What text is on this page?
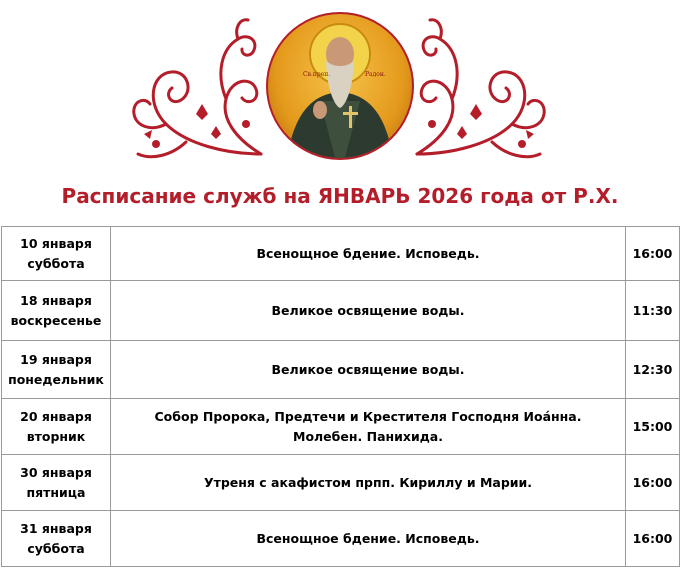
Св.преп.	Радон.
Расписание служб на ЯНВАРЬ 2026 года от Р.Х.
10 января
суббота	Всенощное бдение. Исповедь.	16:00

18 января
воскресенье	Великое освящение воды.	11:30

19 января
понедельник	Великое освящение воды.	12:30

20 января
вторник	Собор Пророка, Предтечи и Крестителя Господня Иоáнна.
Молебен. Панихида.	15:00

30 января
пятница	Утреня с акафистом прпп. Кириллу и Марии.	16:00

31 января
суббота	Всенощное бдение. Исповедь.	16:00
